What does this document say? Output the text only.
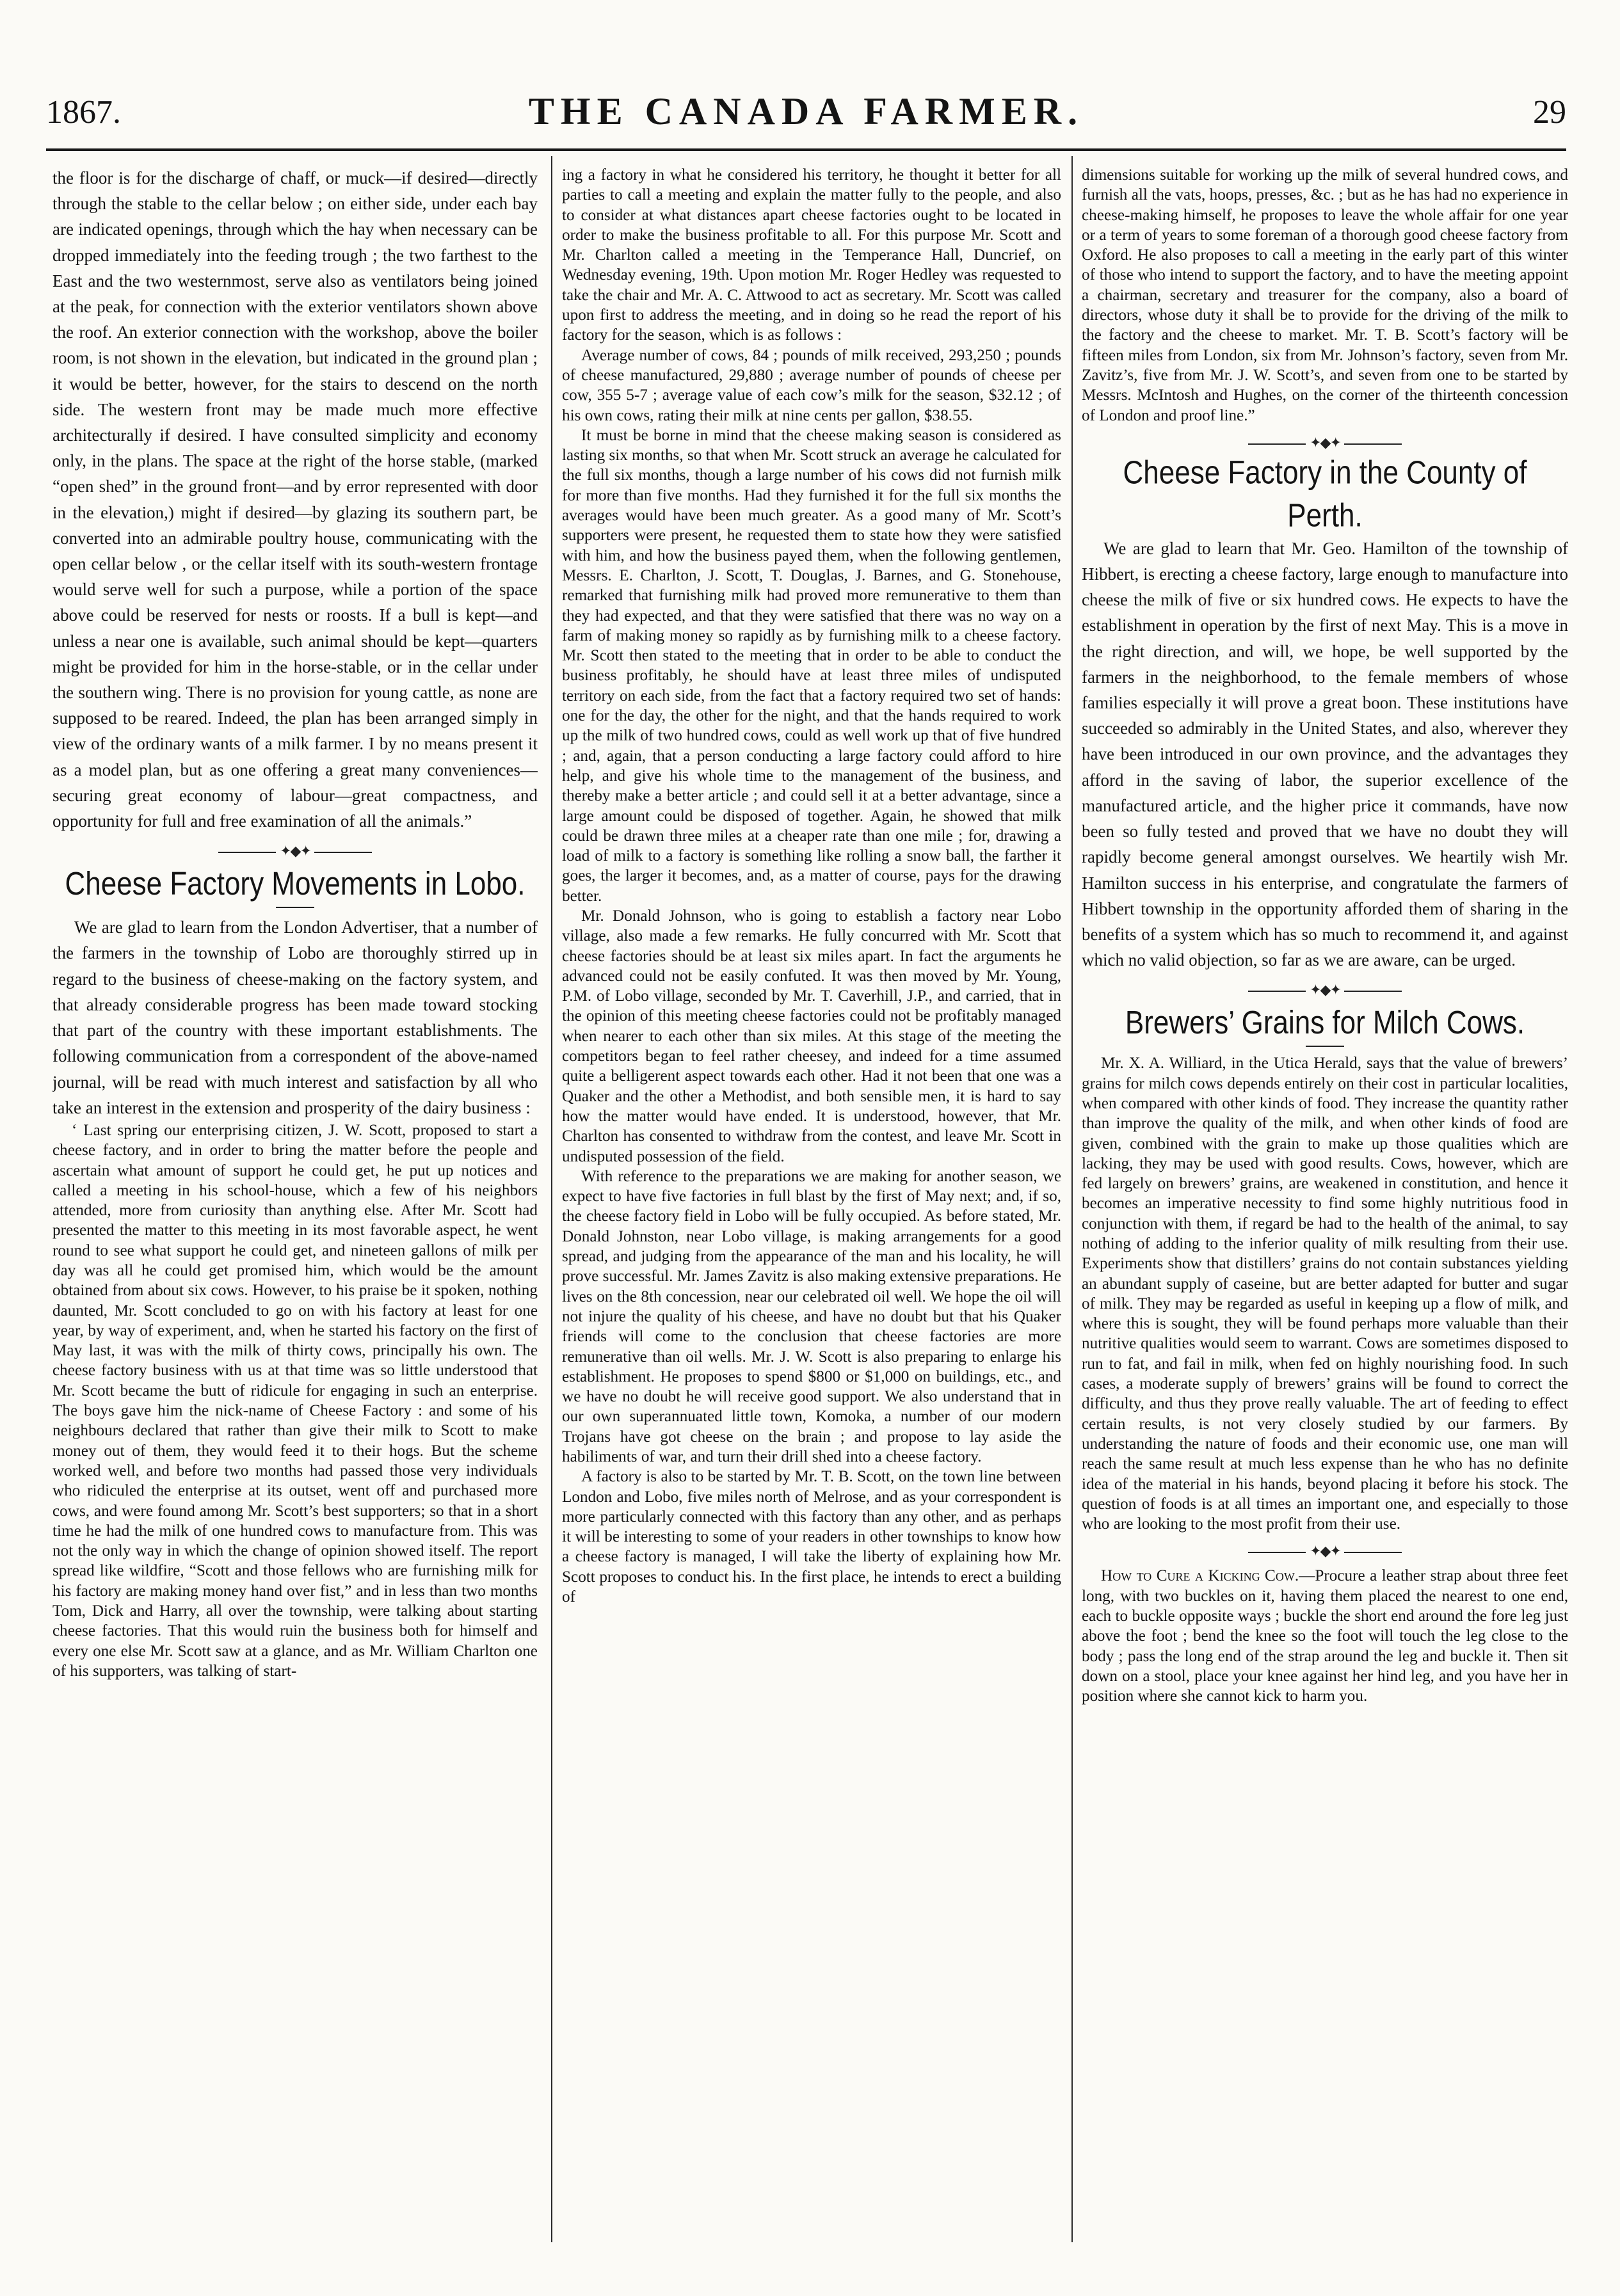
1867.	THE CANADA FARMER.	29

the floor is for the discharge of chaff, or muck—if desired—directly through the stable to the cellar below ; on either side, under each bay are indicated openings, through which the hay when necessary can be dropped immediately into the feeding trough ; the two farthest to the East and the two westernmost, serve also as ventilators being joined at the peak, for connection with the exterior ventilators shown above the roof. An exterior connection with the workshop, above the boiler room, is not shown in the elevation, but indicated in the ground plan ; it would be better, however, for the stairs to descend on the north side. The western front may be made much more effective architecturally if desired. I have consulted simplicity and economy only, in the plans. The space at the right of the horse stable, (marked “open shed” in the ground front—and by error represented with door in the elevation,) might if desired—by glazing its southern part, be converted into an admirable poultry house, communicating with the open cellar below , or the cellar itself with its south-western frontage would serve well for such a purpose, while a portion of the space above could be reserved for nests or roosts. If a bull is kept—and unless a near one is available, such animal should be kept—quarters might be provided for him in the horse-stable, or in the cellar under the southern wing. There is no provision for young cattle, as none are supposed to be reared. Indeed, the plan has been arranged simply in view of the ordinary wants of a milk farmer. I by no means present it as a model plan, but as one offering a great many conveniences—securing great economy of labour—great compactness, and opportunity for full and free examination of all the animals.”

✦◆✦
Cheese Factory Movements in Lobo.

We are glad to learn from the London Advertiser, that a number of the farmers in the township of Lobo are thoroughly stirred up in regard to the business of cheese-making on the factory system, and that already considerable progress has been made toward stocking that part of the country with these important establishments. The following communication from a correspondent of the above-named journal, will be read with much interest and satisfaction by all who take an interest in the extension and prosperity of the dairy business :

‘ Last spring our enterprising citizen, J. W. Scott, proposed to start a cheese factory, and in order to bring the matter before the people and ascertain what amount of support he could get, he put up notices and called a meeting in his school-house, which a few of his neighbors attended, more from curiosity than anything else. After Mr. Scott had presented the matter to this meeting in its most favorable aspect, he went round to see what support he could get, and nineteen gallons of milk per day was all he could get promised him, which would be the amount obtained from about six cows. However, to his praise be it spoken, nothing daunted, Mr. Scott concluded to go on with his factory at least for one year, by way of experiment, and, when he started his factory on the first of May last, it was with the milk of thirty cows, principally his own. The cheese factory business with us at that time was so little understood that Mr. Scott became the butt of ridicule for engaging in such an enterprise. The boys gave him the nick-name of Cheese Factory : and some of his neighbours declared that rather than give their milk to Scott to make money out of them, they would feed it to their hogs. But the scheme worked well, and before two months had passed those very individuals who ridiculed the enterprise at its outset, went off and purchased more cows, and were found among Mr. Scott’s best supporters; so that in a short time he had the milk of one hundred cows to manufacture from. This was not the only way in which the change of opinion showed itself. The report spread like wildfire, “Scott and those fellows who are furnishing milk for his factory are making money hand over fist,” and in less than two months Tom, Dick and Harry, all over the township, were talking about starting cheese factories. That this would ruin the business both for himself and every one else Mr. Scott saw at a glance, and as Mr. William Charlton one of his supporters, was talking of start-

ing a factory in what he considered his territory, he thought it better for all parties to call a meeting and explain the matter fully to the people, and also to consider at what distances apart cheese factories ought to be located in order to make the business profitable to all. For this purpose Mr. Scott and Mr. Charlton called a meeting in the Temperance Hall, Duncrief, on Wednesday evening, 19th. Upon motion Mr. Roger Hedley was requested to take the chair and Mr. A. C. Attwood to act as secretary. Mr. Scott was called upon first to address the meeting, and in doing so he read the report of his factory for the season, which is as follows :

Average number of cows, 84 ; pounds of milk received, 293,250 ; pounds of cheese manufactured, 29,880 ; average number of pounds of cheese per cow, 355 5-7 ; average value of each cow’s milk for the season, $32.12 ; of his own cows, rating their milk at nine cents per gallon, $38.55.

It must be borne in mind that the cheese making season is considered as lasting six months, so that when Mr. Scott struck an average he calculated for the full six months, though a large number of his cows did not furnish milk for more than five months. Had they furnished it for the full six months the averages would have been much greater. As a good many of Mr. Scott’s supporters were present, he requested them to state how they were satisfied with him, and how the business payed them, when the following gentlemen, Messrs. E. Charlton, J. Scott, T. Douglas, J. Barnes, and G. Stonehouse, remarked that furnishing milk had proved more remunerative to them than they had expected, and that they were satisfied that there was no way on a farm of making money so rapidly as by furnishing milk to a cheese factory. Mr. Scott then stated to the meeting that in order to be able to conduct the business profitably, he should have at least three miles of undisputed territory on each side, from the fact that a factory required two set of hands: one for the day, the other for the night, and that the hands required to work up the milk of two hundred cows, could as well work up that of five hundred ; and, again, that a person conducting a large factory could afford to hire help, and give his whole time to the management of the business, and thereby make a better article ; and could sell it at a better advantage, since a large amount could be disposed of together. Again, he showed that milk could be drawn three miles at a cheaper rate than one mile ; for, drawing a load of milk to a factory is something like rolling a snow ball, the farther it goes, the larger it becomes, and, as a matter of course, pays for the drawing better.

Mr. Donald Johnson, who is going to establish a factory near Lobo village, also made a few remarks. He fully concurred with Mr. Scott that cheese factories should be at least six miles apart. In fact the arguments he advanced could not be easily confuted. It was then moved by Mr. Young, P.M. of Lobo village, seconded by Mr. T. Caverhill, J.P., and carried, that in the opinion of this meeting cheese factories could not be profitably managed when nearer to each other than six miles. At this stage of the meeting the competitors began to feel rather cheesey, and indeed for a time assumed quite a belligerent aspect towards each other. Had it not been that one was a Quaker and the other a Methodist, and both sensible men, it is hard to say how the matter would have ended. It is understood, however, that Mr. Charlton has consented to withdraw from the contest, and leave Mr. Scott in undisputed possession of the field.

With reference to the preparations we are making for another season, we expect to have five factories in full blast by the first of May next; and, if so, the cheese factory field in Lobo will be fully occupied. As before stated, Mr. Donald Johnston, near Lobo village, is making arrangements for a good spread, and judging from the appearance of the man and his locality, he will prove successful. Mr. James Zavitz is also making extensive preparations. He lives on the 8th concession, near our celebrated oil well. We hope the oil will not injure the quality of his cheese, and have no doubt but that his Quaker friends will come to the conclusion that cheese factories are more remunerative than oil wells. Mr. J. W. Scott is also preparing to enlarge his establishment. He proposes to spend $800 or $1,000 on buildings, etc., and we have no doubt he will receive good support. We also understand that in our own superannuated little town, Komoka, a number of our modern Trojans have got cheese on the brain ; and propose to lay aside the habiliments of war, and turn their drill shed into a cheese factory.

A factory is also to be started by Mr. T. B. Scott, on the town line between London and Lobo, five miles north of Melrose, and as your correspondent is more particularly connected with this factory than any other, and as perhaps it will be interesting to some of your readers in other townships to know how a cheese factory is managed, I will take the liberty of explaining how Mr. Scott proposes to conduct his. In the first place, he intends to erect a building of

dimensions suitable for working up the milk of several hundred cows, and furnish all the vats, hoops, presses, &c. ; but as he has had no experience in cheese-making himself, he proposes to leave the whole affair for one year or a term of years to some foreman of a thorough good cheese factory from Oxford. He also proposes to call a meeting in the early part of this winter of those who intend to support the factory, and to have the meeting appoint a chairman, secretary and treasurer for the company, also a board of directors, whose duty it shall be to provide for the driving of the milk to the factory and the cheese to market. Mr. T. B. Scott’s factory will be fifteen miles from London, six from Mr. Johnson’s factory, seven from Mr. Zavitz’s, five from Mr. J. W. Scott’s, and seven from one to be started by Messrs. McIntosh and Hughes, on the corner of the thirteenth concession of London and proof line.”

✦◆✦
Cheese Factory in the County of Perth.

We are glad to learn that Mr. Geo. Hamilton of the township of Hibbert, is erecting a cheese factory, large enough to manufacture into cheese the milk of five or six hundred cows. He expects to have the establishment in operation by the first of next May. This is a move in the right direction, and will, we hope, be well supported by the farmers in the neighborhood, to the female members of whose families especially it will prove a great boon. These institutions have succeeded so admirably in the United States, and also, wherever they have been introduced in our own province, and the advantages they afford in the saving of labor, the superior excellence of the manufactured article, and the higher price it commands, have now been so fully tested and proved that we have no doubt they will rapidly become general amongst ourselves. We heartily wish Mr. Hamilton success in his enterprise, and congratulate the farmers of Hibbert township in the opportunity afforded them of sharing in the benefits of a system which has so much to recommend it, and against which no valid objection, so far as we are aware, can be urged.

✦◆✦
Brewers’ Grains for Milch Cows.

Mr. X. A. Williard, in the Utica Herald, says that the value of brewers’ grains for milch cows depends entirely on their cost in particular localities, when compared with other kinds of food. They increase the quantity rather than improve the quality of the milk, and when other kinds of food are given, combined with the grain to make up those qualities which are lacking, they may be used with good results. Cows, however, which are fed largely on brewers’ grains, are weakened in constitution, and hence it becomes an imperative necessity to find some highly nutritious food in conjunction with them, if regard be had to the health of the animal, to say nothing of adding to the inferior quality of milk resulting from their use. Experiments show that distillers’ grains do not contain substances yielding an abundant supply of caseine, but are better adapted for butter and sugar of milk. They may be regarded as useful in keeping up a flow of milk, and where this is sought, they will be found perhaps more valuable than their nutritive qualities would seem to warrant. Cows are sometimes disposed to run to fat, and fail in milk, when fed on highly nourishing food. In such cases, a moderate supply of brewers’ grains will be found to correct the difficulty, and thus they prove really valuable. The art of feeding to effect certain results, is not very closely studied by our farmers. By understanding the nature of foods and their economic use, one man will reach the same result at much less expense than he who has no definite idea of the material in his hands, beyond placing it before his stock. The question of foods is at all times an important one, and especially to those who are looking to the most profit from their use.

✦◆✦

How to Cure a Kicking Cow.—Procure a leather strap about three feet long, with two buckles on it, having them placed the nearest to one end, each to buckle opposite ways ; buckle the short end around the fore leg just above the foot ; bend the knee so the foot will touch the leg close to the body ; pass the long end of the strap around the leg and buckle it. Then sit down on a stool, place your knee against her hind leg, and you have her in position where she cannot kick to harm you.
